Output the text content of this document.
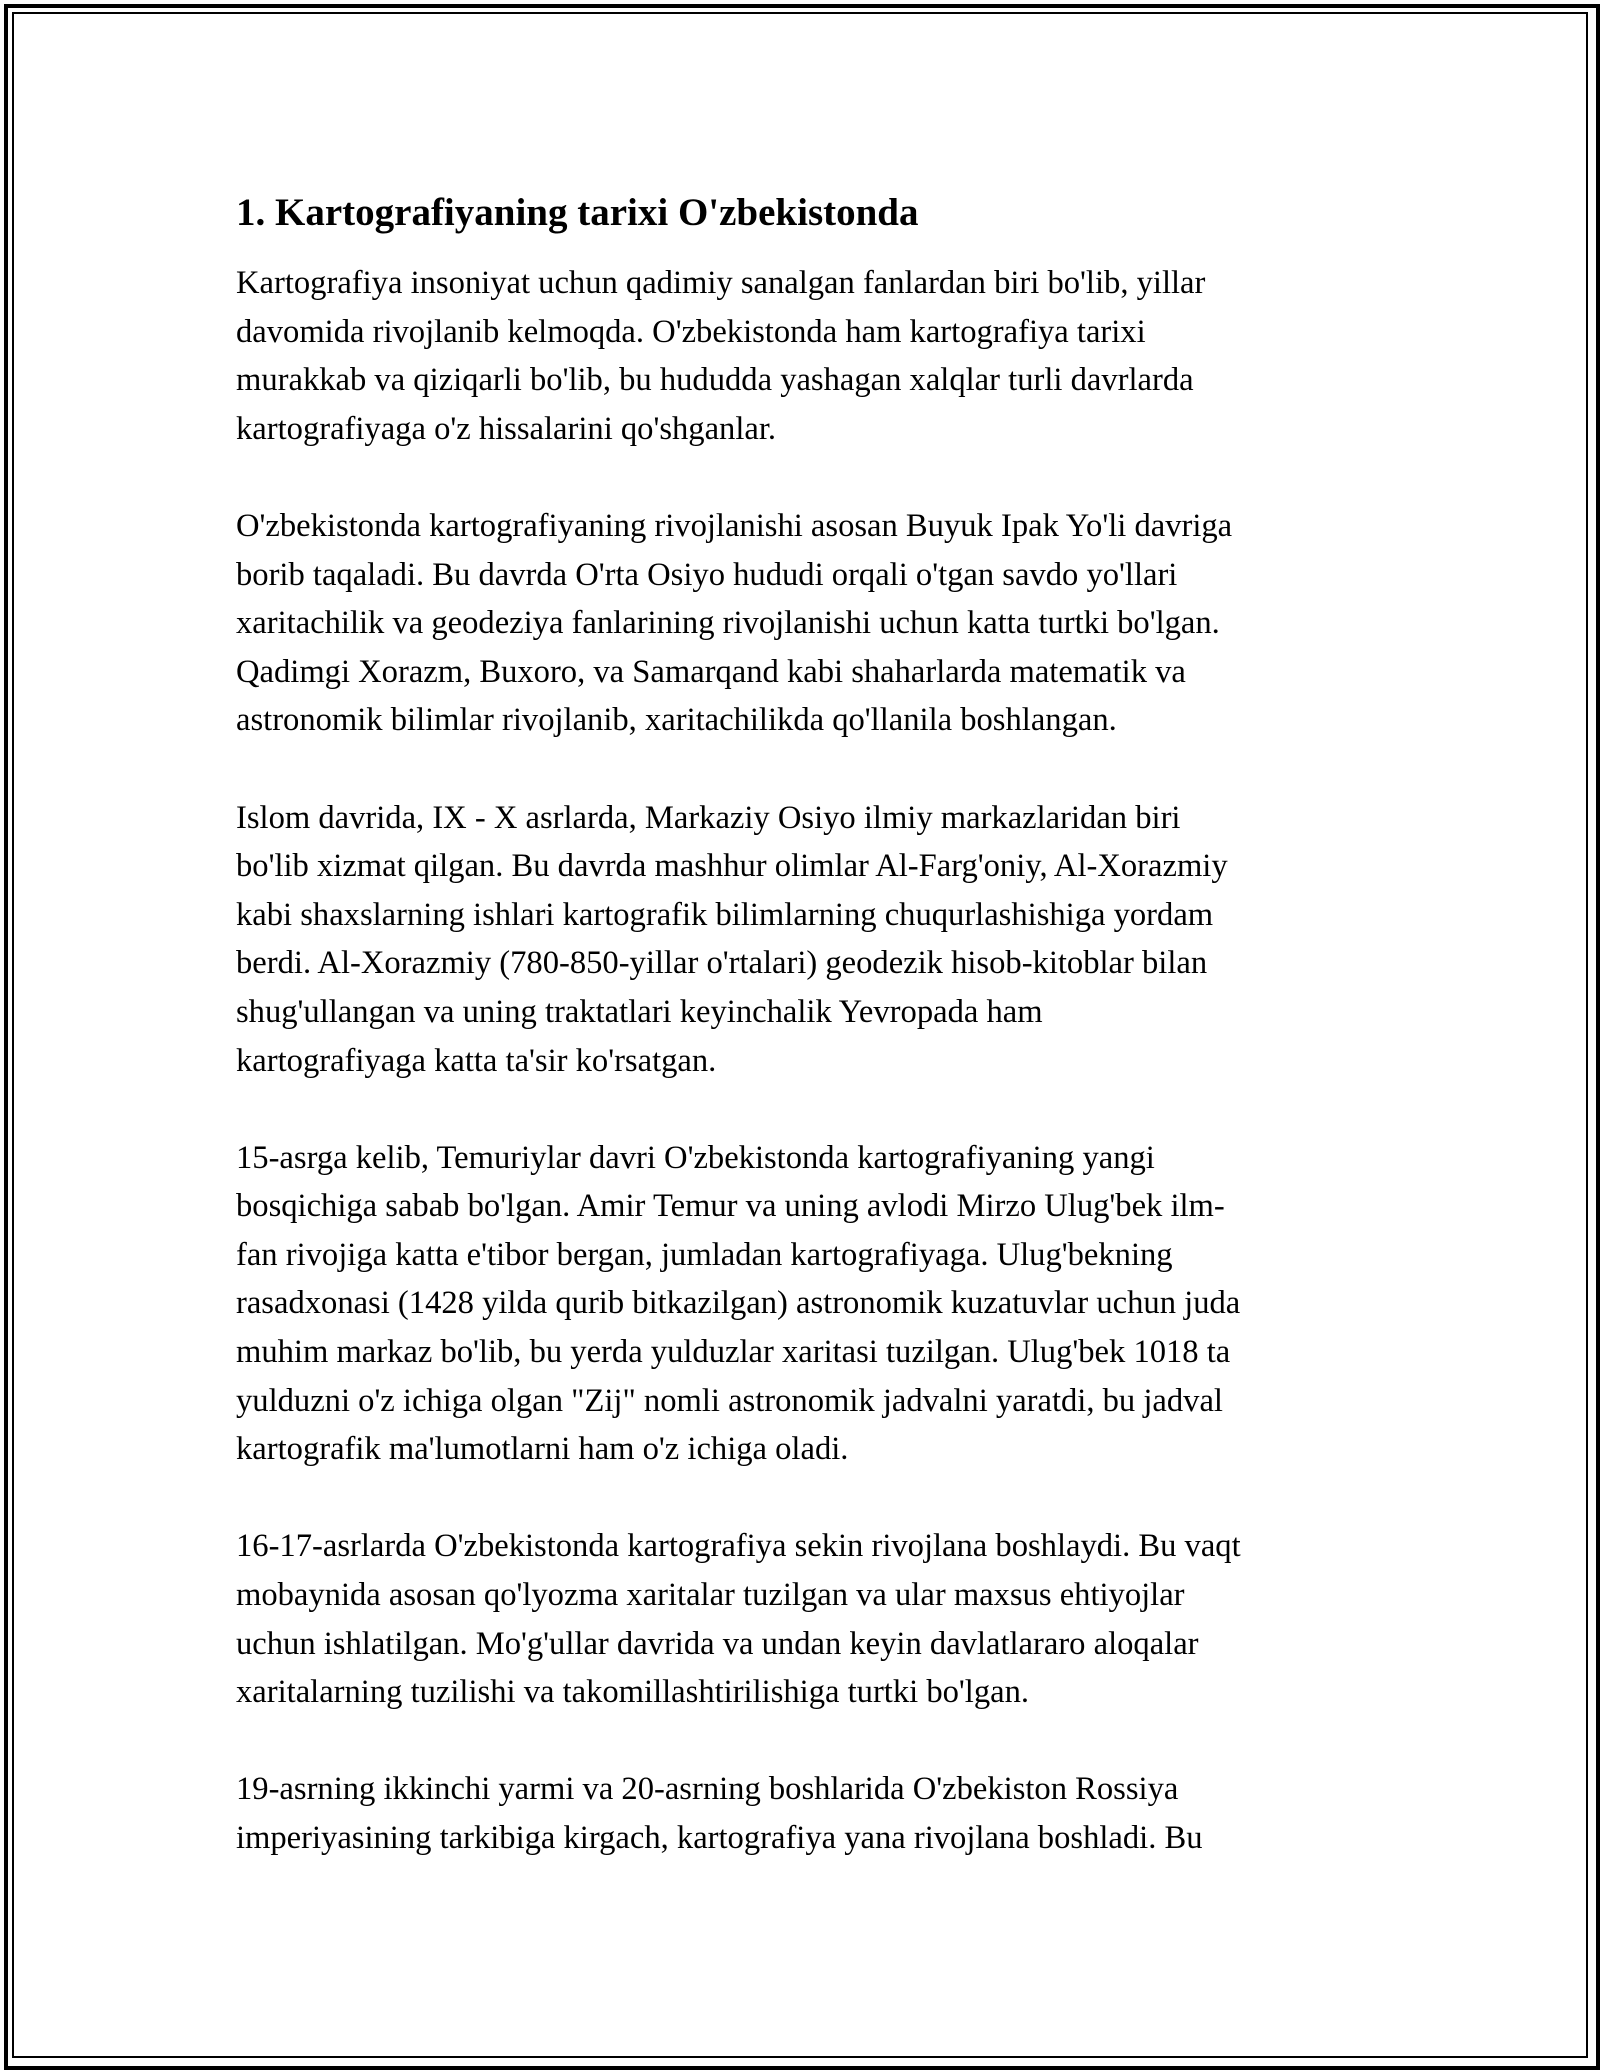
1. Kartografiyaning tarixi O'zbekistonda
Kartografiya insoniyat uchun qadimiy sanalgan fanlardan biri bo'lib, yillar
davomida rivojlanib kelmoqda. O'zbekistonda ham kartografiya tarixi
murakkab va qiziqarli bo'lib, bu hududda yashagan xalqlar turli davrlarda
kartografiyaga o'z hissalarini qo'shganlar.
O'zbekistonda kartografiyaning rivojlanishi asosan Buyuk Ipak Yo'li davriga
borib taqaladi. Bu davrda O'rta Osiyo hududi orqali o'tgan savdo yo'llari
xaritachilik va geodeziya fanlarining rivojlanishi uchun katta turtki bo'lgan.
Qadimgi Xorazm, Buxoro, va Samarqand kabi shaharlarda matematik va
astronomik bilimlar rivojlanib, xaritachilikda qo'llanila boshlangan.
Islom davrida, IX - X asrlarda, Markaziy Osiyo ilmiy markazlaridan biri
bo'lib xizmat qilgan. Bu davrda mashhur olimlar Al-Farg'oniy, Al-Xorazmiy
kabi shaxslarning ishlari kartografik bilimlarning chuqurlashishiga yordam
berdi. Al-Xorazmiy (780-850-yillar o'rtalari) geodezik hisob-kitoblar bilan
shug'ullangan va uning traktatlari keyinchalik Yevropada ham
kartografiyaga katta ta'sir ko'rsatgan.
15-asrga kelib, Temuriylar davri O'zbekistonda kartografiyaning yangi
bosqichiga sabab bo'lgan. Amir Temur va uning avlodi Mirzo Ulug'bek ilm-
fan rivojiga katta e'tibor bergan, jumladan kartografiyaga. Ulug'bekning
rasadxonasi (1428 yilda qurib bitkazilgan) astronomik kuzatuvlar uchun juda
muhim markaz bo'lib, bu yerda yulduzlar xaritasi tuzilgan. Ulug'bek 1018 ta
yulduzni o'z ichiga olgan "Zij" nomli astronomik jadvalni yaratdi, bu jadval
kartografik ma'lumotlarni ham o'z ichiga oladi.
16-17-asrlarda O'zbekistonda kartografiya sekin rivojlana boshlaydi. Bu vaqt
mobaynida asosan qo'lyozma xaritalar tuzilgan va ular maxsus ehtiyojlar
uchun ishlatilgan. Mo'g'ullar davrida va undan keyin davlatlararo aloqalar
xaritalarning tuzilishi va takomillashtirilishiga turtki bo'lgan.
19-asrning ikkinchi yarmi va 20-asrning boshlarida O'zbekiston Rossiya
imperiyasining tarkibiga kirgach, kartografiya yana rivojlana boshladi. Bu
